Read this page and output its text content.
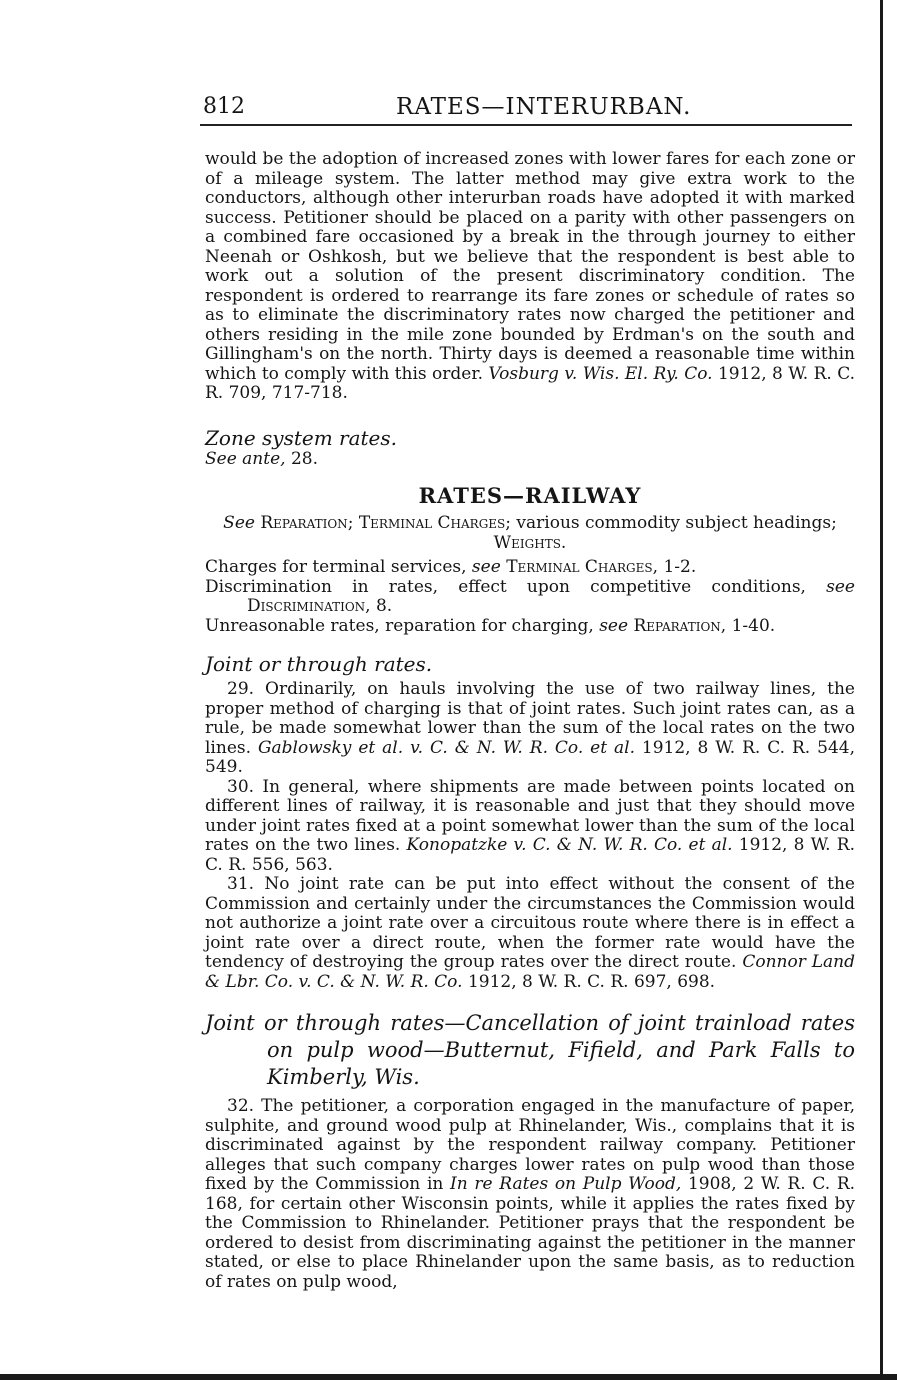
812	RATES—INTERURBAN.

would be the adoption of increased zones with lower fares for each zone or of a mileage system. The latter method may give extra work to the conductors, although other interurban roads have adopted it with marked success. Petitioner should be placed on a parity with other passengers on a combined fare occasioned by a break in the through journey to either Neenah or Oshkosh, but we believe that the respondent is best able to work out a solution of the present discriminatory condition. The respondent is ordered to rearrange its fare zones or schedule of rates so as to eliminate the discriminatory rates now charged the petitioner and others residing in the mile zone bounded by Erdman's on the south and Gillingham's on the north. Thirty days is deemed a reasonable time within which to comply with this order. Vosburg v. Wis. El. Ry. Co. 1912, 8 W. R. C. R. 709, 717-718.

Zone system rates.

See ante, 28.

RATES—RAILWAY

See Reparation; Terminal Charges; various commodity subject headings; Weights.

Charges for terminal services, see Terminal Charges, 1-2.

Discrimination in rates, effect upon competitive conditions, see Discrimination, 8.

Unreasonable rates, reparation for charging, see Reparation, 1-40.

Joint or through rates.

29. Ordinarily, on hauls involving the use of two railway lines, the proper method of charging is that of joint rates. Such joint rates can, as a rule, be made somewhat lower than the sum of the local rates on the two lines. Gablowsky et al. v. C. & N. W. R. Co. et al. 1912, 8 W. R. C. R. 544, 549.

30. In general, where shipments are made between points located on different lines of railway, it is reasonable and just that they should move under joint rates fixed at a point somewhat lower than the sum of the local rates on the two lines. Konopatzke v. C. & N. W. R. Co. et al. 1912, 8 W. R. C. R. 556, 563.

31. No joint rate can be put into effect without the consent of the Commission and certainly under the circumstances the Commission would not authorize a joint rate over a circuitous route where there is in effect a joint rate over a direct route, when the former rate would have the tendency of destroying the group rates over the direct route. Connor Land & Lbr. Co. v. C. & N. W. R. Co. 1912, 8 W. R. C. R. 697, 698.

Joint or through rates—Cancellation of joint trainload rates on pulp wood—Butternut, Fifield, and Park Falls to Kimberly, Wis.

32. The petitioner, a corporation engaged in the manufacture of paper, sulphite, and ground wood pulp at Rhinelander, Wis., complains that it is discriminated against by the respondent railway company. Petitioner alleges that such company charges lower rates on pulp wood than those fixed by the Commission in In re Rates on Pulp Wood, 1908, 2 W. R. C. R. 168, for certain other Wisconsin points, while it applies the rates fixed by the Commission to Rhinelander. Petitioner prays that the respondent be ordered to desist from discriminating against the petitioner in the manner stated, or else to place Rhinelander upon the same basis, as to reduction of rates on pulp wood,
